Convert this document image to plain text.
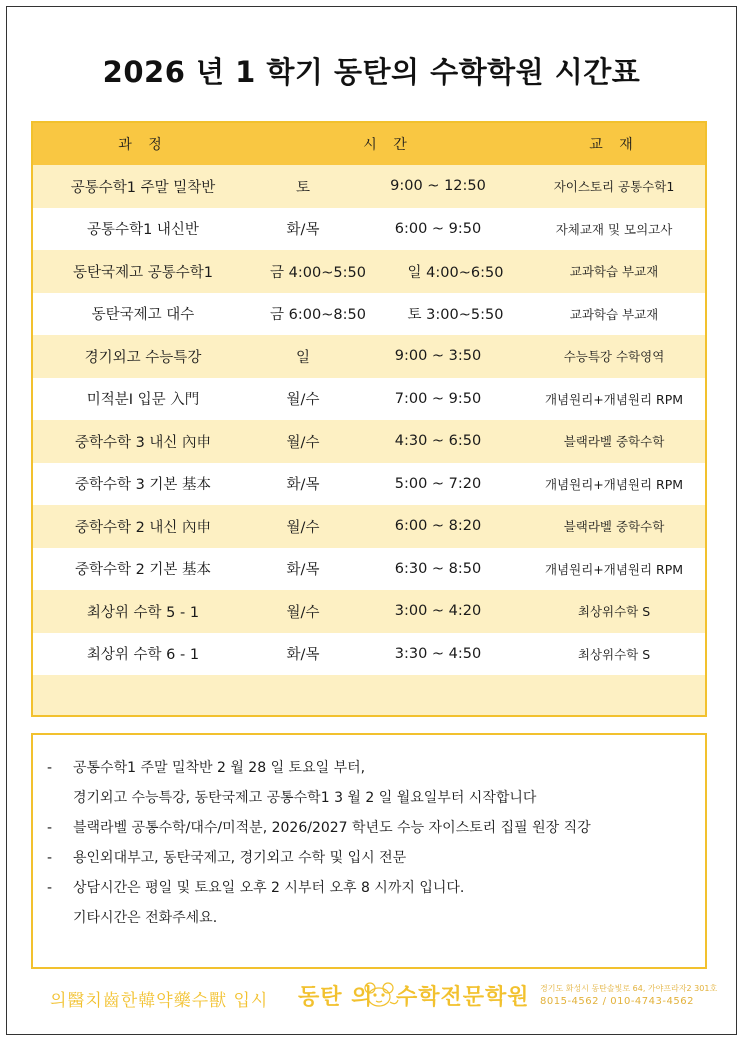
2026 년 1 학기 동탄의 수학학원 시간표
과 정	시 간	교 재
공통수학1 주말 밀착반	토	9:00 ~ 12:50	자이스토리 공통수학1
공통수학1 내신반	화/목	6:00 ~ 9:50	자체교재 및 모의고사
동탄국제고 공통수학1	금 4:00~5:50	일 4:00~6:50	교과학습 부교재
동탄국제고 대수	금 6:00~8:50	토 3:00~5:50	교과학습 부교재
경기외고 수능특강	일	9:00 ~ 3:50	수능특강 수학영역
미적분Ⅰ 입문 入門	월/수	7:00 ~ 9:50	개념원리+개념원리 RPM
중학수학 3 내신 內申	월/수	4:30 ~ 6:50	블랙라벨 중학수학
중학수학 3 기본 基本	화/목	5:00 ~ 7:20	개념원리+개념원리 RPM
중학수학 2 내신 內申	월/수	6:00 ~ 8:20	블랙라벨 중학수학
중학수학 2 기본 基本	화/목	6:30 ~ 8:50	개념원리+개념원리 RPM
최상위 수학 5 - 1	월/수	3:00 ~ 4:20	최상위수학 S
최상위 수학 6 - 1	화/목	3:30 ~ 4:50	최상위수학 S
- 공통수학1 주말 밀착반 2 월 28 일 토요일 부터,
경기외고 수능특강, 동탄국제고 공통수학1 3 월 2 일 월요일부터 시작합니다
- 블랙라벨 공통수학/대수/미적분, 2026/2027 학년도 수능 자이스토리 집필 원장 직강
- 용인외대부고, 동탄국제고, 경기외고 수학 및 입시 전문
- 상담시간은 평일 및 토요일 오후 2 시부터 오후 8 시까지 입니다.
기타시간은 전화주세요.
의醫치齒한韓약藥수獸 입시 동탄 의 수학전문학원 경기도 화성시 동탄솔빛로 64, 가야프라자2 301호
8015-4562 / 010-4743-4562
